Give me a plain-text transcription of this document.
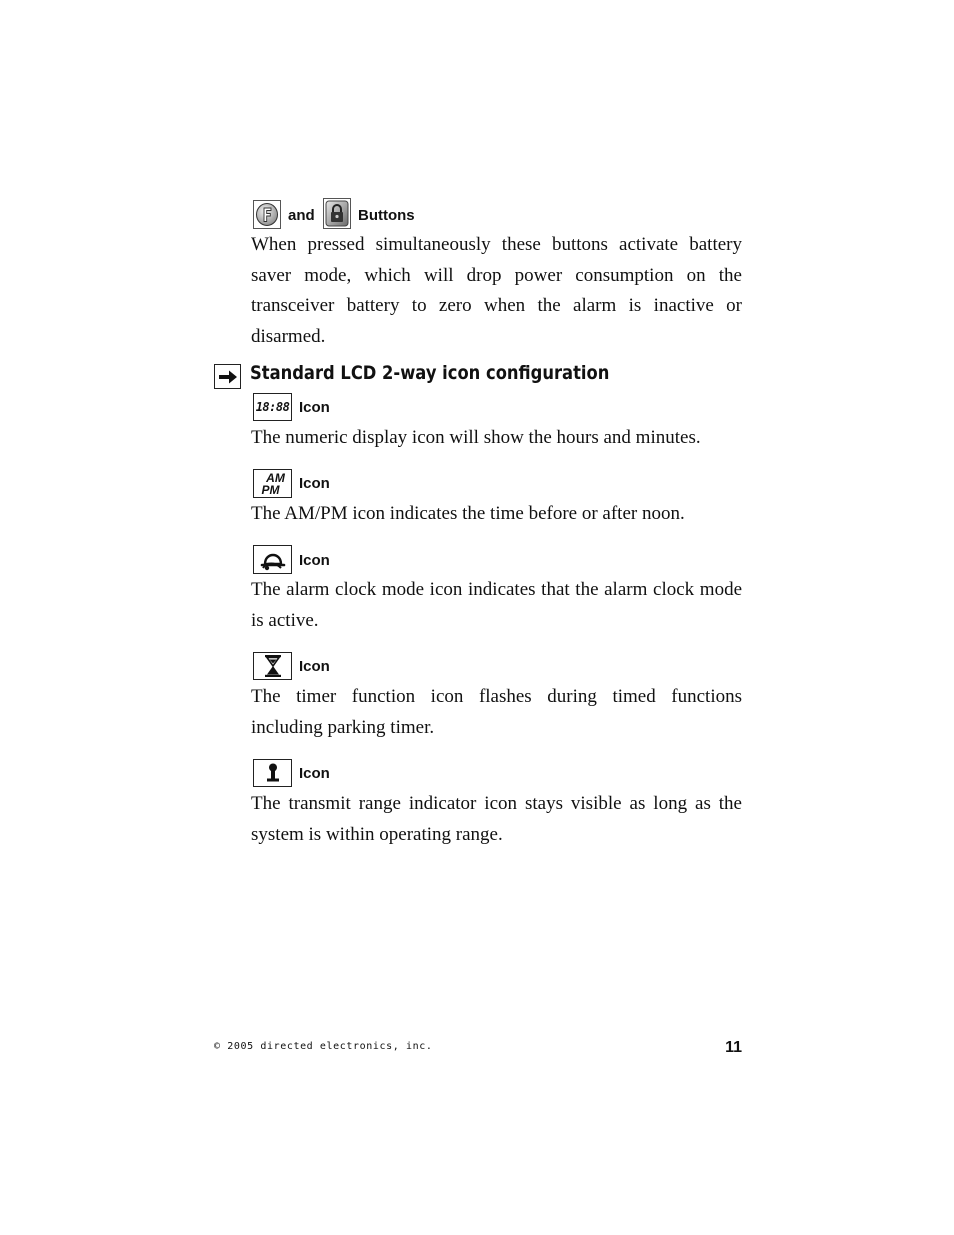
and	Buttons

When pressed simultaneously these buttons activate battery saver mode, which will drop power consumption on the transceiver battery to zero when the alarm is inactive or disarmed.

Standard LCD 2-way icon configuration
18:88 Icon

The numeric display icon will show the hours and minutes.

AM
PM Icon

The AM/PM icon indicates the time before or after noon.

Icon

The alarm clock mode icon indicates that the alarm clock mode is active.

Icon

The timer function icon flashes during timed functions including parking timer.

Icon

The transmit range indicator icon stays visible as long as the system is within operating range.

© 2005 directed electronics, inc.	11
